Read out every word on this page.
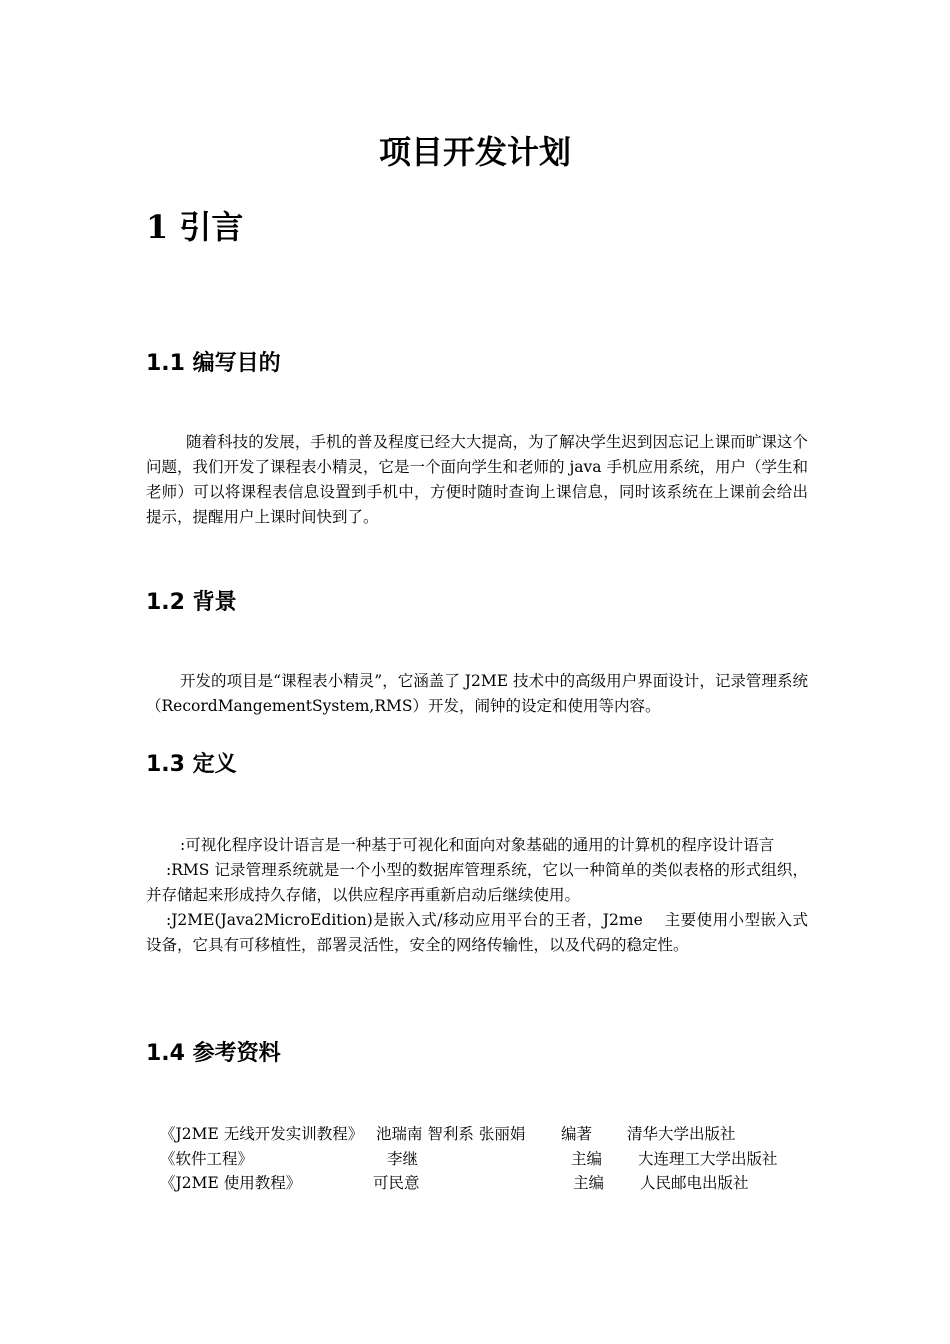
项目开发计划
1 引言
1.1 编写目的

随着科技的发展，手机的普及程度已经大大提高，为了解决学生迟到因忘记上课而旷课这个问题，我们开发了课程表小精灵，它是一个面向学生和老师的 java 手机应用系统，用户（学生和老师）可以将课程表信息设置到手机中，方便时随时查询上课信息，同时该系统在上课前会给出提示，提醒用户上课时间快到了。

1.2 背景

开发的项目是“课程表小精灵”，它涵盖了 J2ME 技术中的高级用户界面设计，记录管理系统（RecordMangementSystem,RMS）开发，闹钟的设定和使用等内容。

1.3 定义
:可视化程序设计语言是一种基于可视化和面向对象基础的通用的计算机的程序设计语言
:RMS 记录管理系统就是一个小型的数据库管理系统，它以一种简单的类似表格的形式组织，并存储起来形成持久存储，以供应程序再重新启动后继续使用。
:J2ME(Java2MicroEdition)是嵌入式/移动应用平台的王者，J2me　 主要使用小型嵌入式设备，它具有可移植性，部署灵活性，安全的网络传输性，以及代码的稳定性。
1.4 参考资料
《J2ME 无线开发实训教程》 池瑞南 智利系 张丽娟 编著 清华大学出版社
《软件工程》	李继	主编 大连理工大学出版社
《J2ME 使用教程》	可民意	主编 人民邮电出版社
